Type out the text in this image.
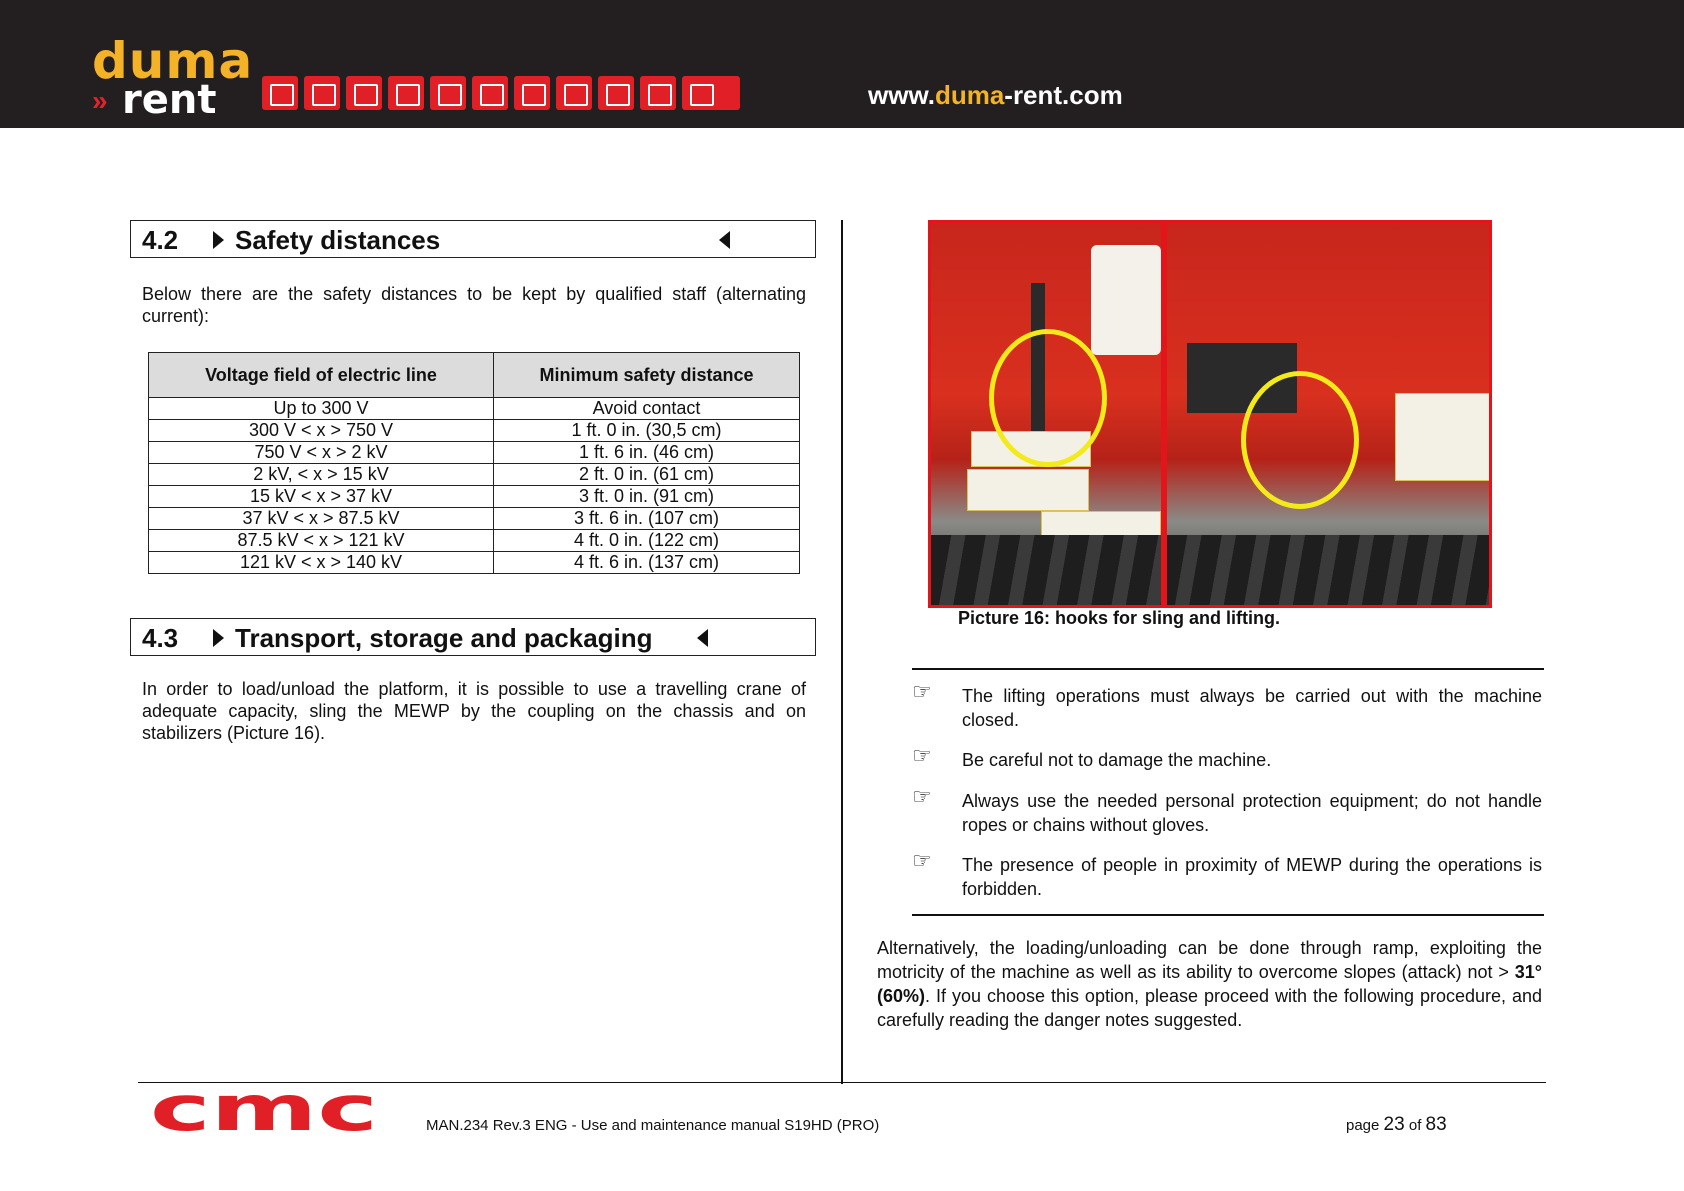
duma
» rent	www.duma-rent.com
4.2 Safety distances
Below there are the safety distances to be kept by qualified staff (alternating current):
Voltage field of electric line	Minimum safety distance
Up to 300 V	Avoid contact
300 V < x > 750 V	1 ft. 0 in. (30,5 cm)
750 V < x > 2 kV	1 ft. 6 in. (46 cm)
2 kV, < x > 15 kV	2 ft. 0 in. (61 cm)
15 kV < x > 37 kV	3 ft. 0 in. (91 cm)
37 kV < x > 87.5 kV	3 ft. 6 in. (107 cm)
87.5 kV < x > 121 kV	4 ft. 0 in. (122 cm)
121 kV < x > 140 kV	4 ft. 6 in. (137 cm)
4.3 Transport, storage and packaging
In order to load/unload the platform, it is possible to use a travelling crane of adequate capacity, sling the MEWP by the coupling on the chassis and on stabilizers (Picture 16).
Picture 16: hooks for sling and lifting.
☞ The lifting operations must always be carried out with the machine closed.
☞ Be careful not to damage the machine.
☞ Always use the needed personal protection equipment; do not handle ropes or chains without gloves.
☞ The presence of people in proximity of MEWP during the operations is forbidden.
Alternatively, the loading/unloading can be done through ramp, exploiting the motricity of the machine as well as its ability to overcome slopes (attack) not > 31° (60%). If you choose this option, please proceed with the following procedure, and carefully reading the danger notes suggested.
cmc	MAN.234 Rev.3 ENG - Use and maintenance manual S19HD (PRO)	page 23 of 83
